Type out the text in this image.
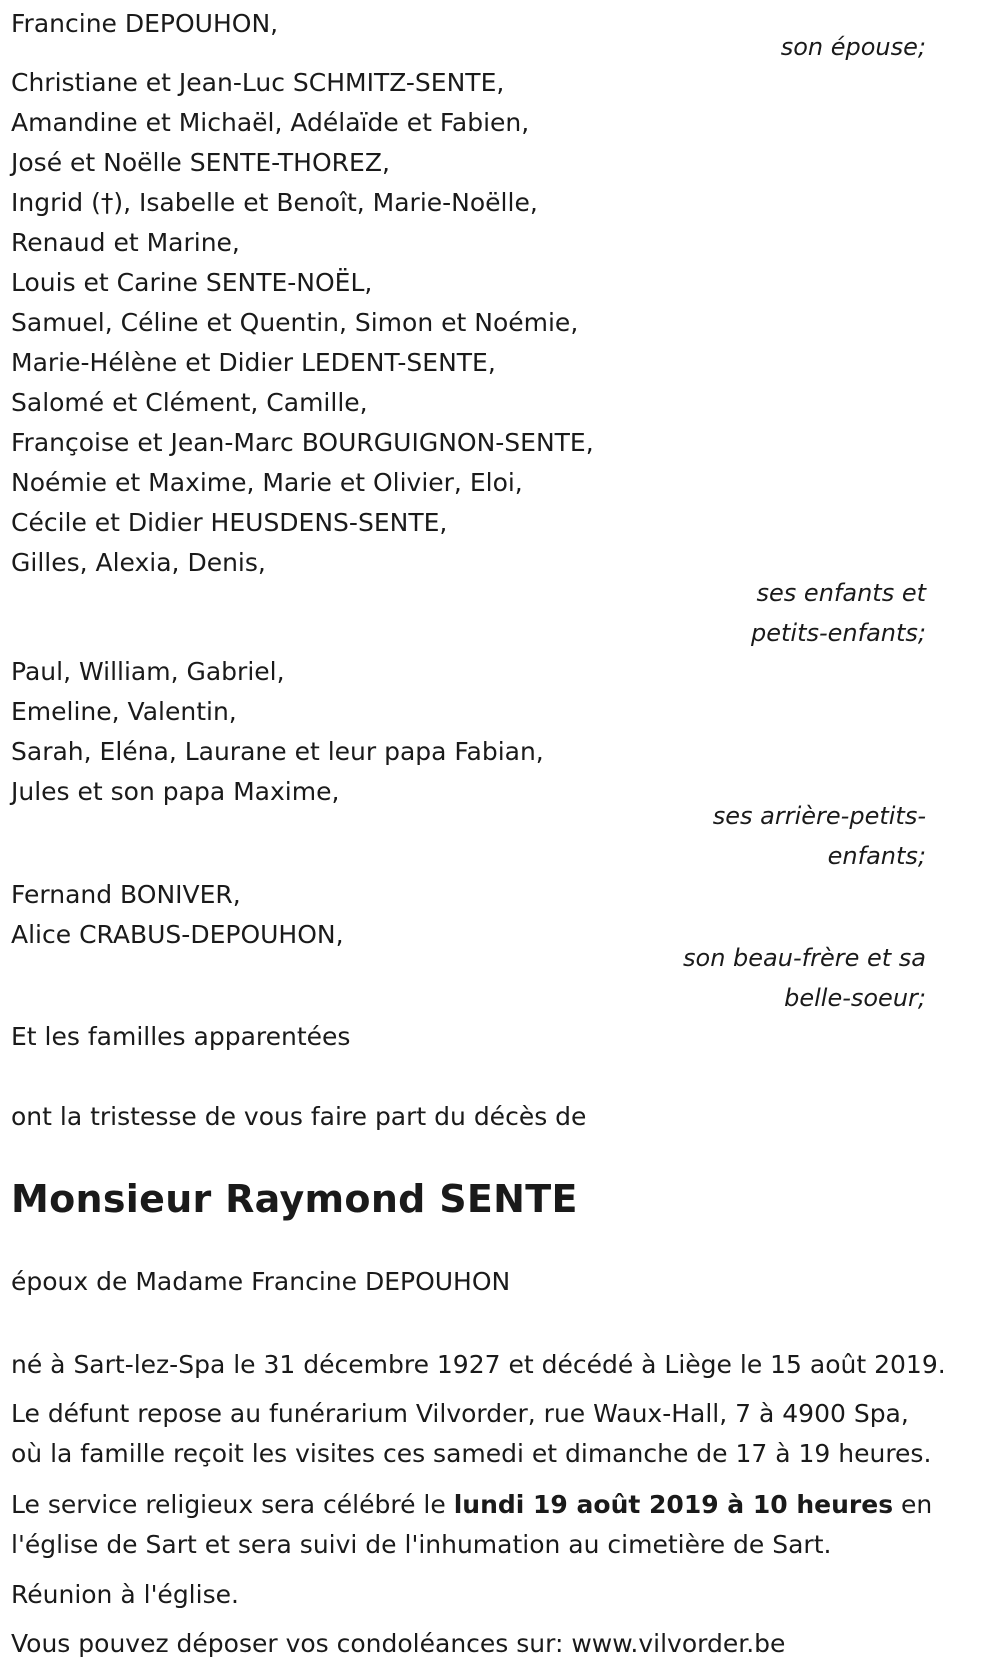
Francine DEPOUHON,
son épouse;
Christiane et Jean-Luc SCHMITZ-SENTE,
Amandine et Michaël, Adélaïde et Fabien,
José et Noëlle SENTE-THOREZ,
Ingrid (†), Isabelle et Benoît, Marie-Noëlle,
Renaud et Marine,
Louis et Carine SENTE-NOËL,
Samuel, Céline et Quentin, Simon et Noémie,
Marie-Hélène et Didier LEDENT-SENTE,
Salomé et Clément, Camille,
Françoise et Jean-Marc BOURGUIGNON-SENTE,
Noémie et Maxime, Marie et Olivier, Eloi,
Cécile et Didier HEUSDENS-SENTE,
Gilles, Alexia, Denis,
ses enfants et
petits-enfants;
Paul, William, Gabriel,
Emeline, Valentin,
Sarah, Eléna, Laurane et leur papa Fabian,
Jules et son papa Maxime,
ses arrière-petits-
enfants;
Fernand BONIVER,
Alice CRABUS-DEPOUHON,
son beau-frère et sa
belle-soeur;
Et les familles apparentées
ont la tristesse de vous faire part du décès de
Monsieur Raymond SENTE
époux de Madame Francine DEPOUHON
né à Sart-lez-Spa le 31 décembre 1927 et décédé à Liège le 15 août 2019.
Le défunt repose au funérarium Vilvorder, rue Waux-Hall, 7 à 4900 Spa,
où la famille reçoit les visites ces samedi et dimanche de 17 à 19 heures.
Le service religieux sera célébré le lundi 19 août 2019 à 10 heures en
l'église de Sart et sera suivi de l'inhumation au cimetière de Sart.
Réunion à l'église.
Vous pouvez déposer vos condoléances sur: www.vilvorder.be
